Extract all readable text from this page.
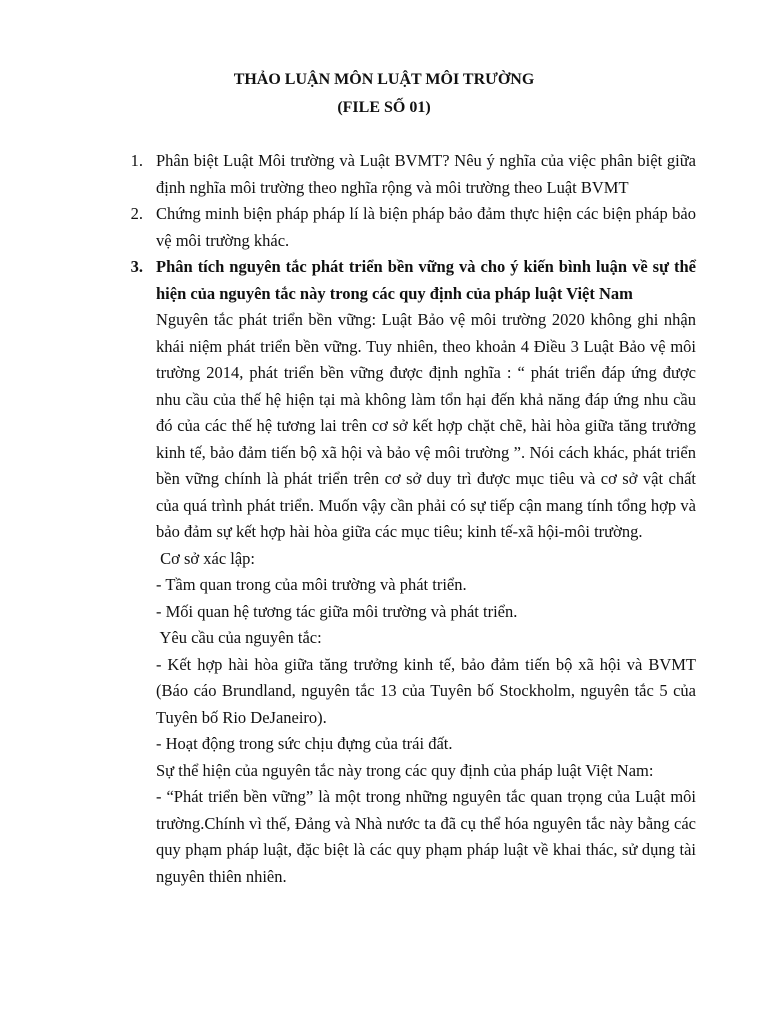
THẢO LUẬN MÔN LUẬT MÔI TRƯỜNG

(FILE SỐ 01)

1. Phân biệt Luật Môi trường và Luật BVMT? Nêu ý nghĩa của việc phân biệt giữa định nghĩa môi trường theo nghĩa rộng và môi trường theo Luật BVMT
2. Chứng minh biện pháp pháp lí là biện pháp bảo đảm thực hiện các biện pháp bảo vệ môi trường khác.
3. Phân tích nguyên tắc phát triển bền vững và cho ý kiến bình luận về sự thể hiện của nguyên tắc này trong các quy định của pháp luật Việt Nam

Nguyên tắc phát triển bền vững: Luật Bảo vệ môi trường 2020 không ghi nhận khái niệm phát triển bền vững. Tuy nhiên, theo khoản 4 Điều 3 Luật Bảo vệ môi trường 2014, phát triển bền vững được định nghĩa : “ phát triển đáp ứng được nhu cầu của thế hệ hiện tại mà không làm tổn hại đến khả năng đáp ứng nhu cầu đó của các thế hệ tương lai trên cơ sở kết hợp chặt chẽ, hài hòa giữa tăng trưởng kinh tế, bảo đảm tiến bộ xã hội và bảo vệ môi trường ”. Nói cách khác, phát triển bền vững chính là phát triển trên cơ sở duy trì được mục tiêu và cơ sở vật chất của quá trình phát triển. Muốn vậy cần phải có sự tiếp cận mang tính tổng hợp và bảo đảm sự kết hợp hài hòa giữa các mục tiêu; kinh tế-xã hội-môi trường.

Cơ sở xác lập:

- Tầm quan trong của môi trường và phát triển.

- Mối quan hệ tương tác giữa môi trường và phát triển.

Yêu cầu của nguyên tắc:

- Kết hợp hài hòa giữa tăng trưởng kinh tế, bảo đảm tiến bộ xã hội và BVMT (Báo cáo Brundland, nguyên tắc 13 của Tuyên bố Stockholm, nguyên tắc 5 của Tuyên bố Rio DeJaneiro).

- Hoạt động trong sức chịu đựng của trái đất.

Sự thể hiện của nguyên tắc này trong các quy định của pháp luật Việt Nam:

- “Phát triển bền vững” là một trong những nguyên tắc quan trọng của Luật môi trường.Chính vì thế, Đảng và Nhà nước ta đã cụ thể hóa nguyên tắc này bằng các quy phạm pháp luật, đặc biệt là các quy phạm pháp luật về khai thác, sử dụng tài nguyên thiên nhiên.
